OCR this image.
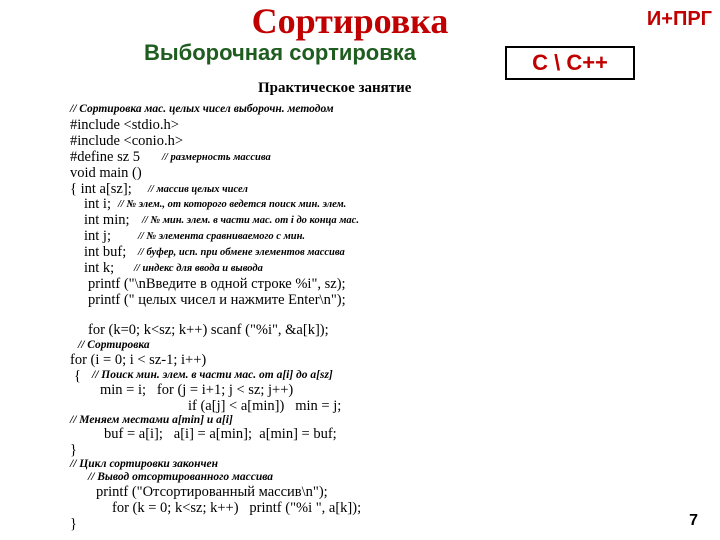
Сортировка	И+ПРГ
Выборочная сортировка	C \ C++
Практическое занятие
// Сортировка мас. целых чисел выборочн. методом
#include <stdio.h>
#include <conio.h>
#define sz 5 // размерность массива
void main ()
{ int a[sz]; // массив целых чисел
int i; // № элем., от которого ведется поиск мин. элем.
int min; // № мин. элем. в части мас. от i до конца мас.
int j;	// № элемента сравниваемого с мин.
int buf; // буфер, исп. при обмене элементов массива
int k; // индекс для ввода и вывода
printf ("\nВведите в одной строке %i", sz);
printf (" целых чисел и нажмите Enter\n");
for (k=0; k<sz; k++) scanf ("%i", &a[k]);
// Сортировка
for (i = 0; i < sz-1; i++)
{ // Поиск мин. элем. в части мас. от a[i] до a[sz]
min = i;   for (j = i+1; j < sz; j++)
if (a[j] < a[min])   min = j;
// Меняем местами a[min] и a[i]
buf = a[i];   a[i] = a[min];  a[min] = buf;
}
// Цикл сортировки закончен
// Вывод отсортированного массива
printf ("Отсортированный массив\n");
for (k = 0; k<sz; k++)   printf ("%i ", a[k]);
}	7
